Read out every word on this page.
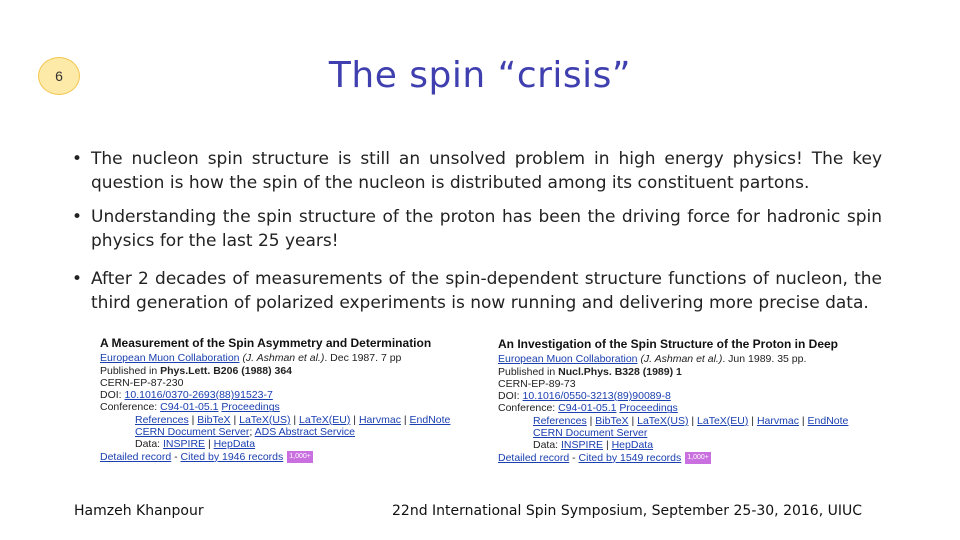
6	The spin “crisis”
• The nucleon spin structure is still an unsolved problem in high energy physics! The key question is how the spin of the nucleon is distributed among its constituent partons.
• Understanding the spin structure of the proton has been the driving force for hadronic spin physics for the last 25 years!
• After 2 decades of measurements of the spin-dependent structure functions of nucleon, the third generation of polarized experiments is now running and delivering more precise data.
A Measurement of the Spin Asymmetry and Determination
European Muon Collaboration (J. Ashman et al.). Dec 1987. 7 pp
Published in Phys.Lett. B206 (1988) 364
CERN-EP-87-230
DOI: 10.1016/0370-2693(88)91523-7
Conference: C94-01-05.1 Proceedings
References | BibTeX | LaTeX(US) | LaTeX(EU) | Harvmac | EndNote
CERN Document Server; ADS Abstract Service
Data: INSPIRE | HepData
Detailed record - Cited by 1946 records 1,000+
An Investigation of the Spin Structure of the Proton in Deep
European Muon Collaboration (J. Ashman et al.). Jun 1989. 35 pp.
Published in Nucl.Phys. B328 (1989) 1
CERN-EP-89-73
DOI: 10.1016/0550-3213(89)90089-8
Conference: C94-01-05.1 Proceedings
References | BibTeX | LaTeX(US) | LaTeX(EU) | Harvmac | EndNote
CERN Document Server
Data: INSPIRE | HepData
Detailed record - Cited by 1549 records 1,000+
Hamzeh Khanpour	22nd International Spin Symposium, September 25-30, 2016, UIUC
